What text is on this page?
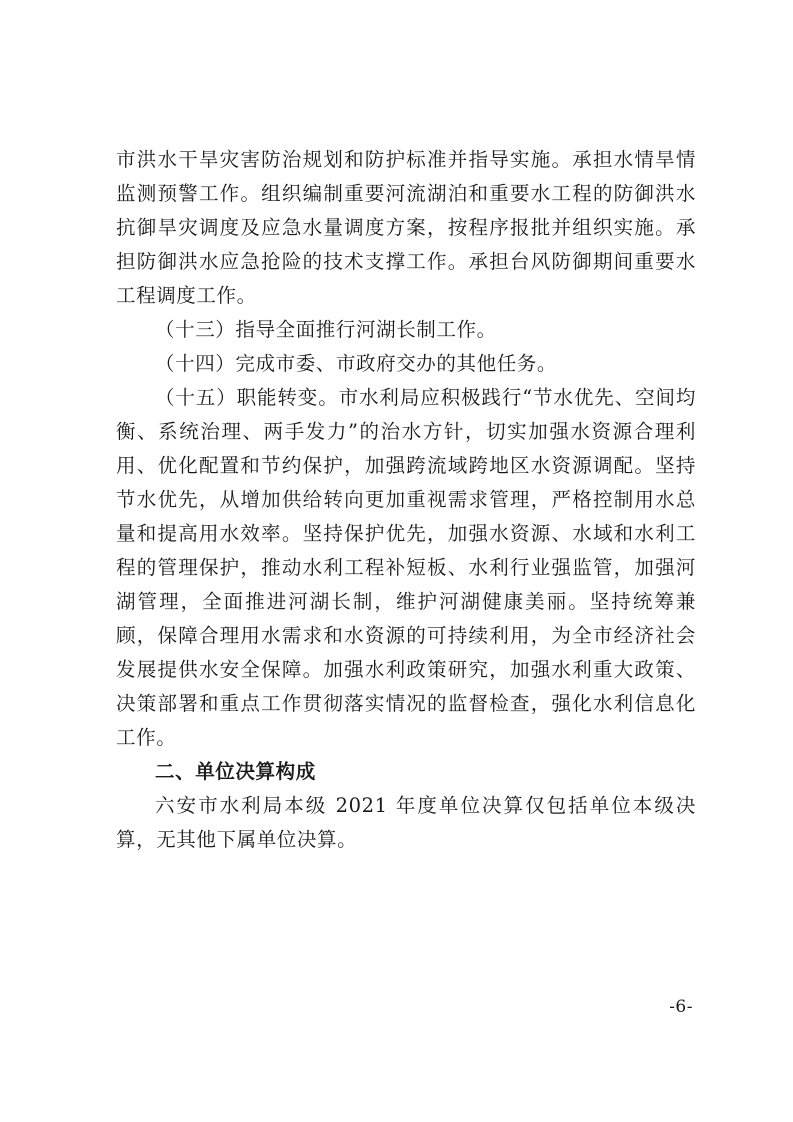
市洪水干旱灾害防治规划和防护标准并指导实施。承担水情旱情监测预警工作。组织编制重要河流湖泊和重要水工程的防御洪水抗御旱灾调度及应急水量调度方案，按程序报批并组织实施。承担防御洪水应急抢险的技术支撑工作。承担台风防御期间重要水工程调度工作。

（十三）指导全面推行河湖长制工作。

（十四）完成市委、市政府交办的其他任务。

（十五）职能转变。市水利局应积极践行“节水优先、空间均衡、系统治理、两手发力”的治水方针，切实加强水资源合理利用、优化配置和节约保护，加强跨流域跨地区水资源调配。坚持节水优先，从增加供给转向更加重视需求管理，严格控制用水总量和提高用水效率。坚持保护优先，加强水资源、水域和水利工程的管理保护，推动水利工程补短板、水利行业强监管，加强河湖管理，全面推进河湖长制，维护河湖健康美丽。坚持统筹兼顾，保障合理用水需求和水资源的可持续利用，为全市经济社会发展提供水安全保障。加强水利政策研究，加强水利重大政策、决策部署和重点工作贯彻落实情况的监督检查，强化水利信息化工作。

二、单位决算构成

六安市水利局本级 2021 年度单位决算仅包括单位本级决算，无其他下属单位决算。

-6-
